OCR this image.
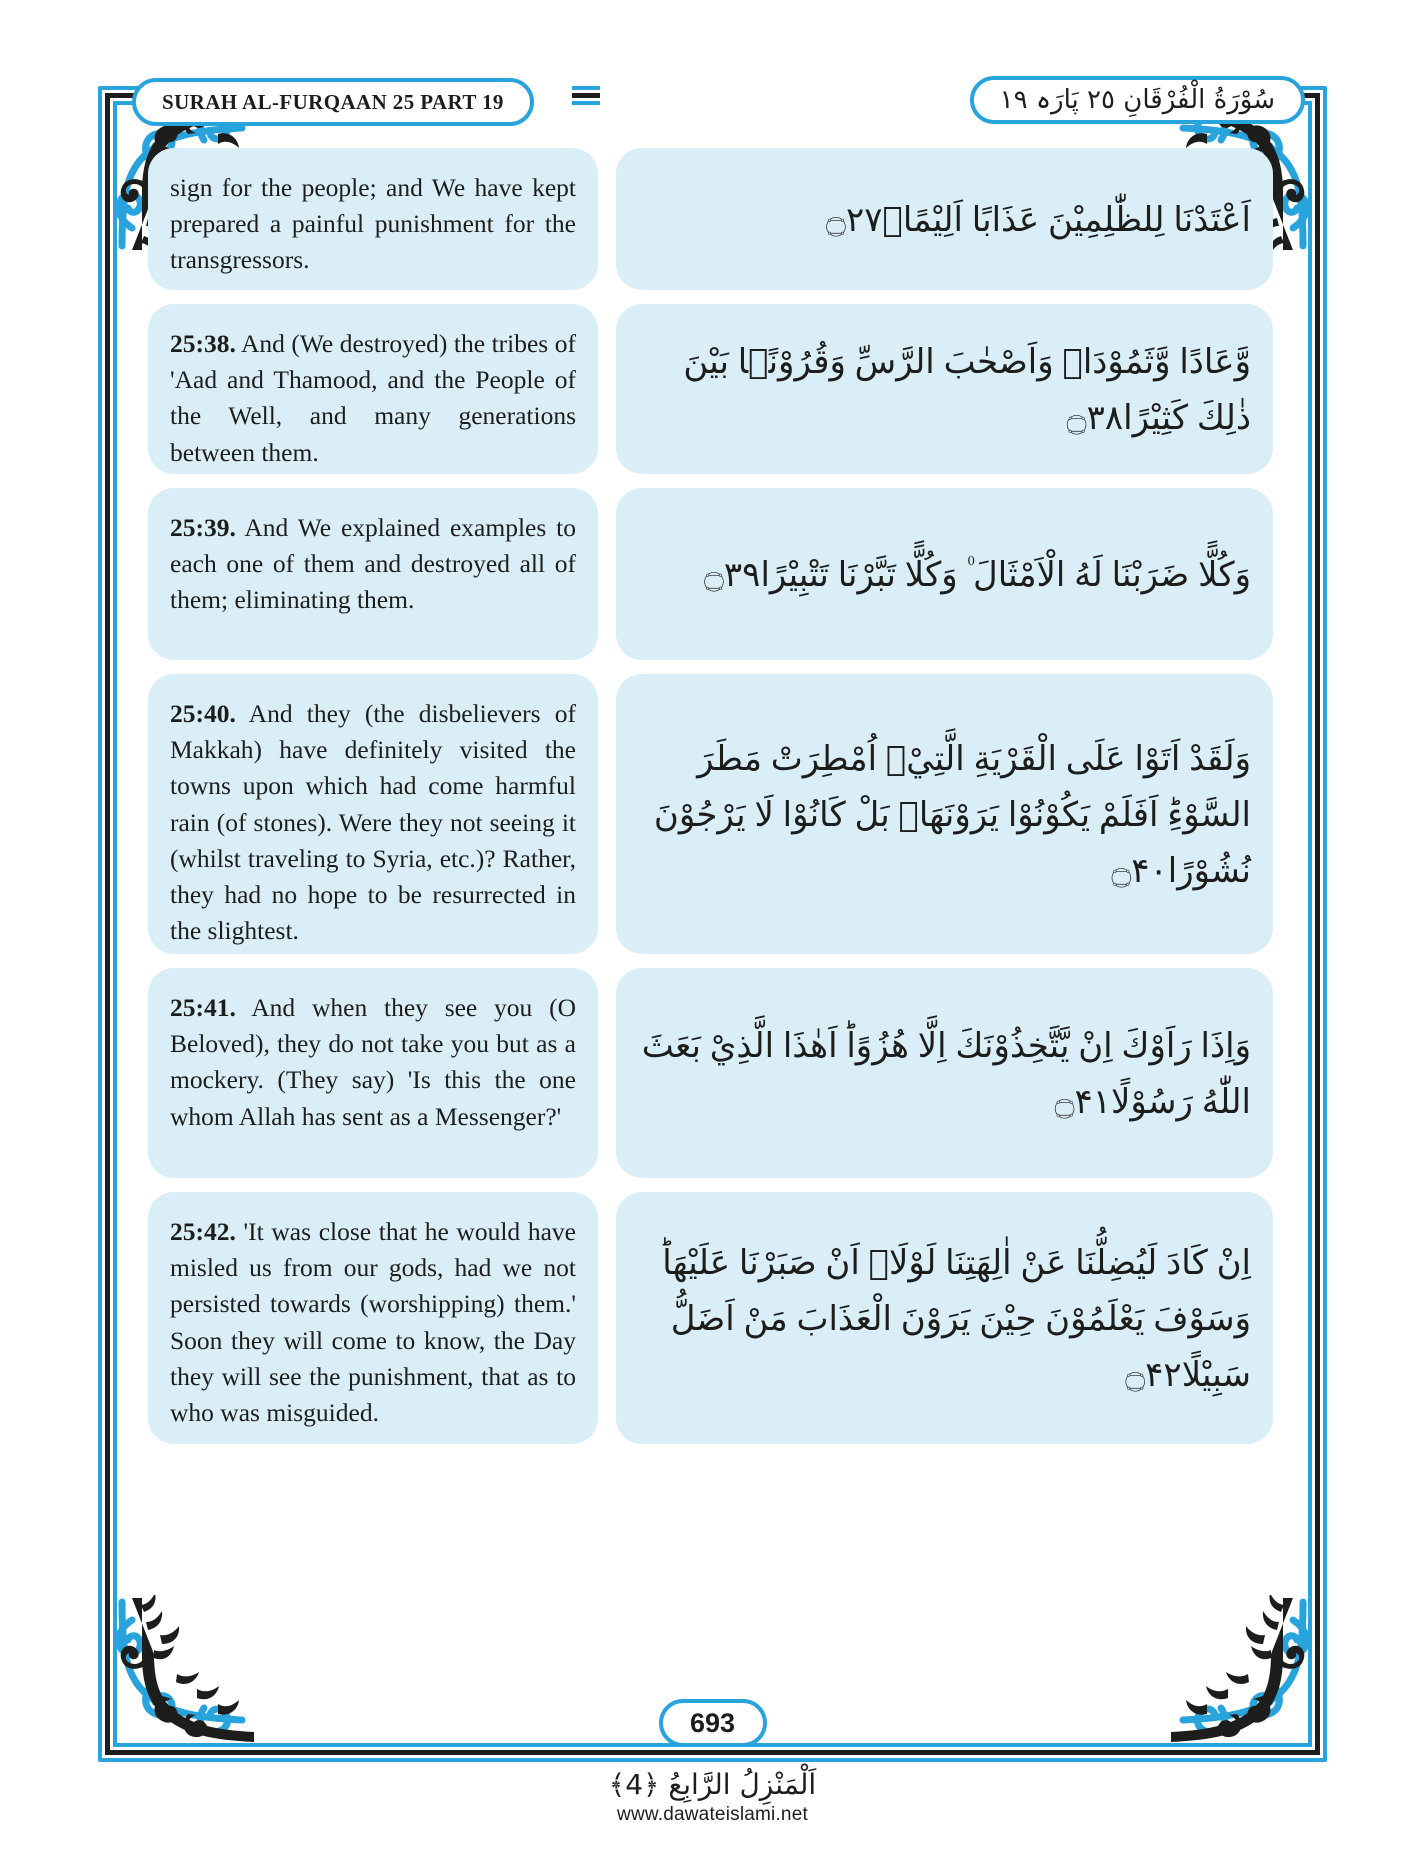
SURAH AL-FURQAAN 25 PART 19	سُوْرَةُ الْفُرْقَانِ ٢٥ پَارَہ ١٩

sign for the people; and We have kept prepared a painful punishment for the transgressors.

25:38. And (We destroyed) the tribes of 'Aad and Thamood, and the People of the Well, and many generations between them.

25:39. And We explained examples to each one of them and destroyed all of them; eliminating them.

25:40. And they (the disbelievers of Makkah) have definitely visited the towns upon which had come harmful rain (of stones). Were they not seeing it (whilst traveling to Syria, etc.)? Rather, they had no hope to be resurrected in the slightest.

25:41. And when they see you (O Beloved), they do not take you but as a mockery. (They say) 'Is this the one whom Allah has sent as a Messenger?'

25:42. 'It was close that he would have misled us from our gods, had we not persisted towards (worshipping) them.' Soon they will come to know, the Day they will see the punishment, that as to who was misguided.

اَعْتَدْنَا لِلظّٰلِمِيْنَ عَذَابًا اَلِيْمًاۚ۝۲۷

وَّعَادًا وَّثَمُوْدَاۡ وَاَصْحٰبَ الرَّسِّ وَقُرُوْنًۢا بَيْنَ ذٰلِكَ كَثِيْرًا۝۳۸

وَكُلًّا ضَرَبْنَا لَهُ الْاَمْثَالَ ۠ وَكُلًّا تَبَّرْنَا تَتْبِيْرًا۝۳۹

وَلَقَدْ اَتَوْا عَلَى الْقَرْيَةِ الَّتِيْۤ اُمْطِرَتْ مَطَرَ السَّوْءِؕ اَفَلَمْ يَكُوْنُوْا يَرَوْنَهَاۚ بَلْ كَانُوْا لَا يَرْجُوْنَ نُشُوْرًا۝۴۰

وَاِذَا رَاَوْكَ اِنْ يَّتَّخِذُوْنَكَ اِلَّا هُزُوًاؕ اَهٰذَا الَّذِيْ بَعَثَ اللّٰهُ رَسُوْلًا۝۴۱

اِنْ كَادَ لَيُضِلُّنَا عَنْ اٰلِهَتِنَا لَوْلَاۤ اَنْ صَبَرْنَا عَلَيْهَاؕ وَسَوْفَ يَعْلَمُوْنَ حِيْنَ يَرَوْنَ الْعَذَابَ مَنْ اَضَلُّ سَبِيْلًا۝۴۲

693
اَلْمَنْزِلُ الرَّابِعُ ﴿4﴾
www.dawateislami.net
